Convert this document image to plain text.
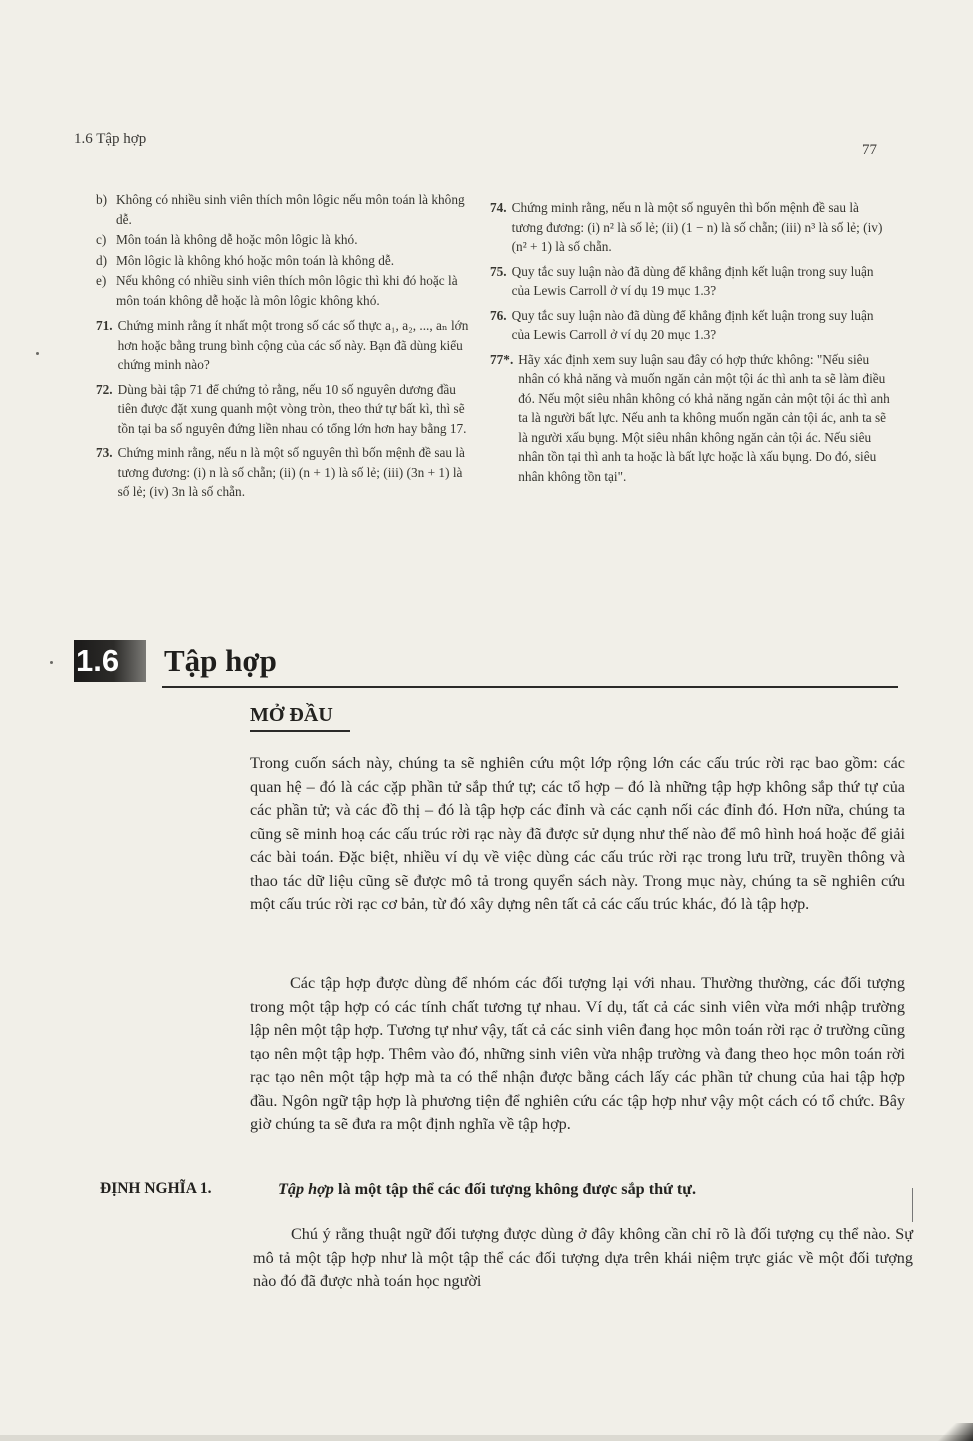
1.6 Tập hợp
77
b) Không có nhiều sinh viên thích môn lôgic nếu môn toán là không dễ.
c) Môn toán là không dễ hoặc môn lôgic là khó.
d) Môn lôgic là không khó hoặc môn toán là không dễ.
e) Nếu không có nhiều sinh viên thích môn lôgic thì khi đó hoặc là môn toán không dễ hoặc là môn lôgic không khó.
71. Chứng minh rằng ít nhất một trong số các số thực a₁, a₂, ..., aₙ lớn hơn hoặc bằng trung bình cộng của các số này. Bạn đã dùng kiểu chứng minh nào?
72. Dùng bài tập 71 để chứng tỏ rằng, nếu 10 số nguyên dương đầu tiên được đặt xung quanh một vòng tròn, theo thứ tự bất kì, thì sẽ tồn tại ba số nguyên đứng liền nhau có tổng lớn hơn hay bằng 17.
73. Chứng minh rằng, nếu n là một số nguyên thì bốn mệnh đề sau là tương đương: (i) n là số chẵn; (ii) (n + 1) là số lẻ; (iii) (3n + 1) là số lẻ; (iv) 3n là số chẵn.
74. Chứng minh rằng, nếu n là một số nguyên thì bốn mệnh đề sau là tương đương: (i) n² là số lẻ; (ii) (1 − n) là số chẵn; (iii) n³ là số lẻ; (iv) (n² + 1) là số chẵn.
75. Quy tắc suy luận nào đã dùng để khẳng định kết luận trong suy luận của Lewis Carroll ở ví dụ 19 mục 1.3?
76. Quy tắc suy luận nào đã dùng để khẳng định kết luận trong suy luận của Lewis Carroll ở ví dụ 20 mục 1.3?
77*. Hãy xác định xem suy luận sau đây có hợp thức không: "Nếu siêu nhân có khả năng và muốn ngăn cản một tội ác thì anh ta sẽ làm điều đó. Nếu một siêu nhân không có khả năng ngăn cản một tội ác thì anh ta là người bất lực. Nếu anh ta không muốn ngăn cản tội ác, anh ta sẽ là người xấu bụng. Một siêu nhân không ngăn cản tội ác. Nếu siêu nhân tồn tại thì anh ta hoặc là bất lực hoặc là xấu bụng. Do đó, siêu nhân không tồn tại".
1.6	Tập hợp
MỞ ĐẦU

Trong cuốn sách này, chúng ta sẽ nghiên cứu một lớp rộng lớn các cấu trúc rời rạc bao gồm: các quan hệ – đó là các cặp phần tử sắp thứ tự; các tổ hợp – đó là những tập hợp không sắp thứ tự của các phần tử; và các đồ thị – đó là tập hợp các đỉnh và các cạnh nối các đỉnh đó. Hơn nữa, chúng ta cũng sẽ minh hoạ các cấu trúc rời rạc này đã được sử dụng như thế nào để mô hình hoá hoặc để giải các bài toán. Đặc biệt, nhiều ví dụ về việc dùng các cấu trúc rời rạc trong lưu trữ, truyền thông và thao tác dữ liệu cũng sẽ được mô tả trong quyển sách này. Trong mục này, chúng ta sẽ nghiên cứu một cấu trúc rời rạc cơ bản, từ đó xây dựng nên tất cả các cấu trúc khác, đó là tập hợp.

Các tập hợp được dùng để nhóm các đối tượng lại với nhau. Thường thường, các đối tượng trong một tập hợp có các tính chất tương tự nhau. Ví dụ, tất cả các sinh viên vừa mới nhập trường lập nên một tập hợp. Tương tự như vậy, tất cả các sinh viên đang học môn toán rời rạc ở trường cũng tạo nên một tập hợp. Thêm vào đó, những sinh viên vừa nhập trường và đang theo học môn toán rời rạc tạo nên một tập hợp mà ta có thể nhận được bằng cách lấy các phần tử chung của hai tập hợp đầu. Ngôn ngữ tập hợp là phương tiện để nghiên cứu các tập hợp như vậy một cách có tổ chức. Bây giờ chúng ta sẽ đưa ra một định nghĩa về tập hợp.

ĐỊNH NGHĨA 1.	Tập hợp là một tập thể các đối tượng không được sắp thứ tự.

Chú ý rằng thuật ngữ đối tượng được dùng ở đây không cần chỉ rõ là đối tượng cụ thể nào. Sự mô tả một tập hợp như là một tập thể các đối tượng dựa trên khái niệm trực giác về một đối tượng nào đó đã được nhà toán học người
